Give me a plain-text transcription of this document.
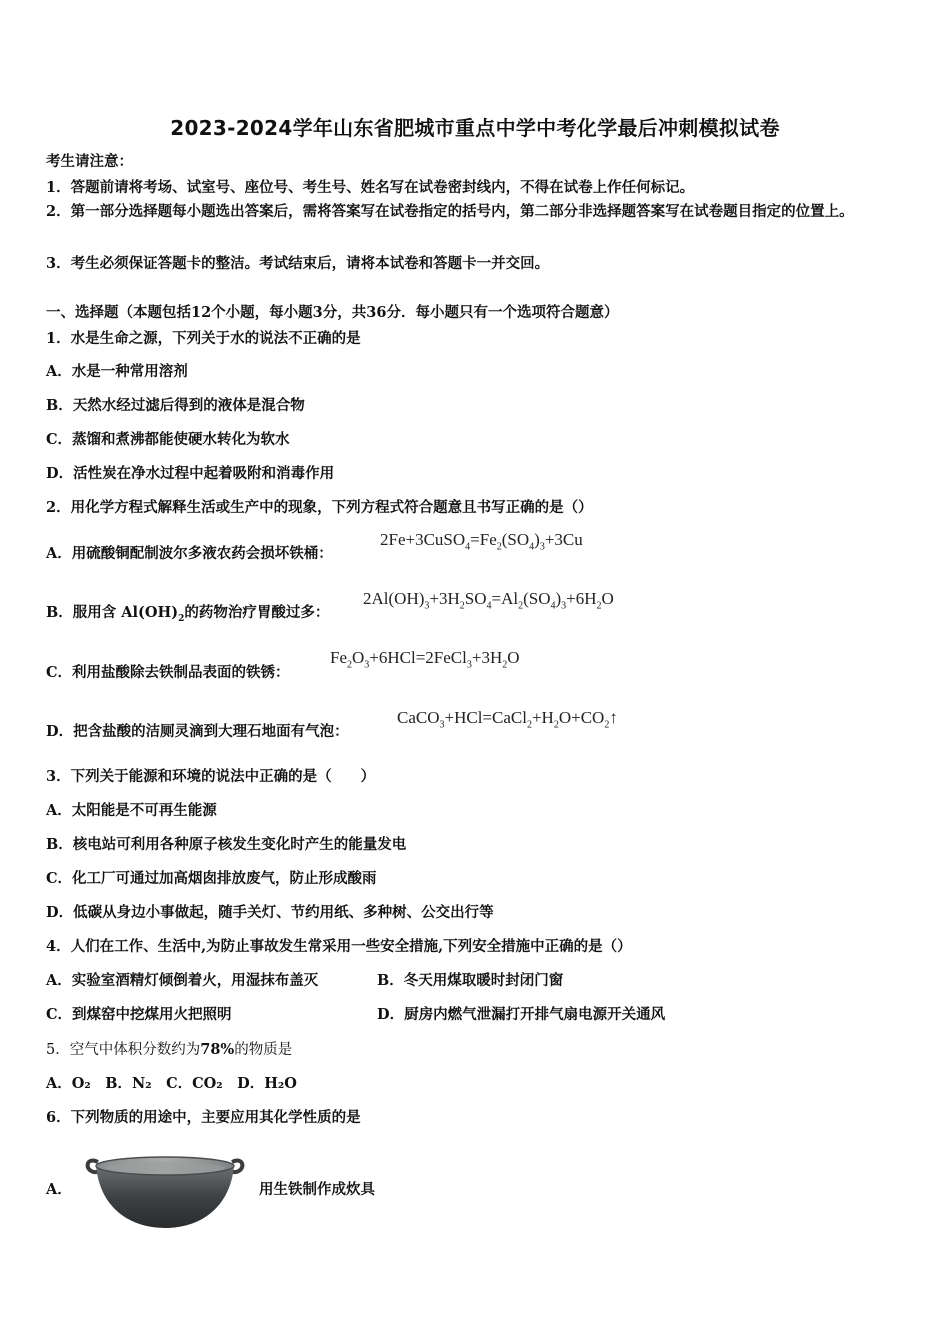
2023-2024学年山东省肥城市重点中学中考化学最后冲刺模拟试卷
考生请注意：
1．答题前请将考场、试室号、座位号、考生号、姓名写在试卷密封线内，不得在试卷上作任何标记。
2．第一部分选择题每小题选出答案后，需将答案写在试卷指定的括号内，第二部分非选择题答案写在试卷题目指定的位置上。
3．考生必须保证答题卡的整洁。考试结束后，请将本试卷和答题卡一并交回。
一、选择题（本题包括12个小题，每小题3分，共36分．每小题只有一个选项符合题意）
1．水是生命之源，下列关于水的说法不正确的是
A．水是一种常用溶剂
B．天然水经过滤后得到的液体是混合物
C．蒸馏和煮沸都能使硬水转化为软水
D．活性炭在净水过程中起着吸附和消毒作用
2．用化学方程式解释生活或生产中的现象，下列方程式符合题意且书写正确的是（）
A．用硫酸铜配制波尔多液农药会损坏铁桶：
$2Fe+3CuSO_4=Fe_2(SO_4)_3+3Cu$
B．服用含 $Al(OH)_2$的药物治疗胃酸过多：
$2Al(OH)_3+3H_2SO_4=Al_2(SO_4)_3+6H_2O$
C．利用盐酸除去铁制品表面的铁锈：
$Fe_2O_3+6HCl=2FeCl_3+3H_2O$
D．把含盐酸的洁厕灵滴到大理石地面有气泡：
$CaCO_3+HCl=CaCl_2+H_2O+CO_2↑$
3．下列关于能源和环境的说法中正确的是（　　）
A．太阳能是不可再生能源
B．核电站可利用各种原子核发生变化时产生的能量发电
C．化工厂可通过加高烟囱排放废气，防止形成酸雨
D．低碳从身边小事做起，随手关灯、节约用纸、多种树、公交出行等
4．人们在工作、生活中,为防止事故发生常采用一些安全措施,下列安全措施中正确的是（）
A．实验室酒精灯倾倒着火，用湿抹布盖灭	B．冬天用煤取暖时封闭门窗
C．到煤窑中挖煤用火把照明	D．厨房内燃气泄漏打开排气扇电源开关通风
5．空气中体积分数约为78%的物质是
A．O₂　B．N₂　C．CO₂　D．H₂O
6．下列物质的用途中，主要应用其化学性质的是
A．	用生铁制作成炊具
